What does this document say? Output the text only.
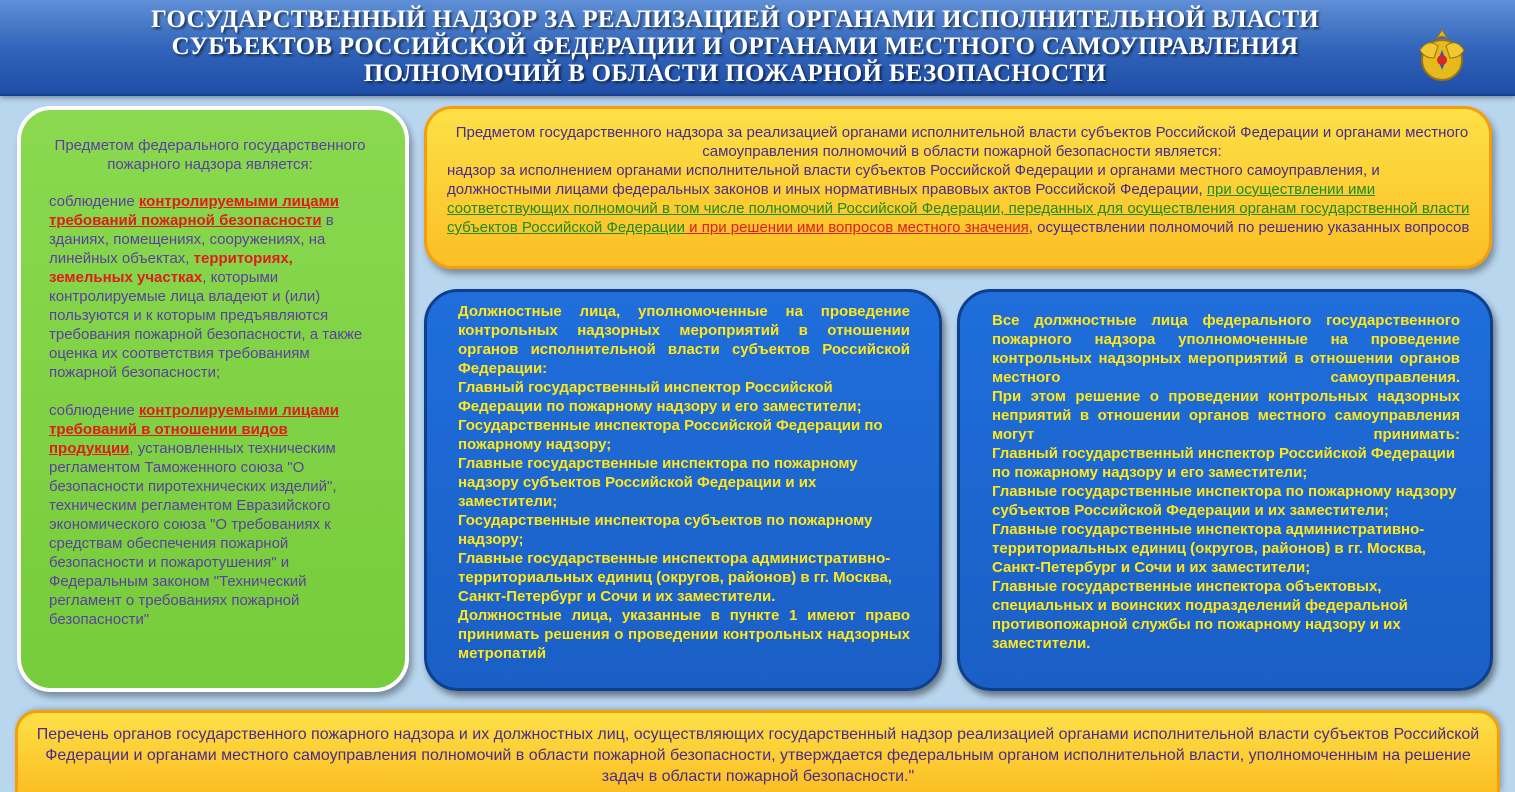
ГОСУДАРСТВЕННЫЙ НАДЗОР ЗА РЕАЛИЗАЦИЕЙ ОРГАНАМИ ИСПОЛНИТЕЛЬНОЙ ВЛАСТИ
СУБЪЕКТОВ РОССИЙСКОЙ ФЕДЕРАЦИИ И ОРГАНАМИ МЕСТНОГО САМОУПРАВЛЕНИЯ
ПОЛНОМОЧИЙ В ОБЛАСТИ ПОЖАРНОЙ БЕЗОПАСНОСТИ
Предметом федерального государственного пожарного надзора является:
соблюдение контролируемыми лицами требований пожарной безопасности в зданиях, помещениях, сооружениях, на линейных объектах, территориях, земельных участках, которыми контролируемые лица владеют и (или) пользуются и к которым предъявляются требования пожарной безопасности, а также оценка их соответствия требованиям пожарной безопасности;
соблюдение контролируемыми лицами требований в отношении видов продукции, установленных техническим регламентом Таможенного союза "О безопасности пиротехнических изделий", техническим регламентом Евразийского экономического союза "О требованиях к средствам обеспечения пожарной безопасности и пожаротушения" и Федеральным законом "Технический регламент о требованиях пожарной безопасности"
Предметом государственного надзора за реализацией органами исполнительной власти субъектов Российской Федерации и органами местного самоуправления полномочий в области пожарной безопасности является:
надзор за исполнением органами исполнительной власти субъектов Российской Федерации и органами местного самоуправления, и должностными лицами федеральных законов и иных нормативных правовых актов Российской Федерации, при осуществлении ими соответствующих полномочий в том числе полномочий Российской Федерации, переданных для осуществления органам государственной власти субъектов Российской Федерации и при решении ими вопросов местного значения, осуществлении полномочий по решению указанных вопросов
Должностные лица, уполномоченные на проведение контрольных надзорных мероприятий в отношении органов исполнительной власти субъектов Российской Федерации:
Главный государственный инспектор Российской Федерации по пожарному надзору и его заместители;
Государственные инспектора Российской Федерации по пожарному надзору;
Главные государственные инспектора по пожарному надзору субъектов Российской Федерации и их заместители;
Государственные инспектора субъектов по пожарному надзору;
Главные государственные инспектора административно-территориальных единиц (округов, районов) в гг. Москва, Санкт-Петербург и Сочи и их заместители.
Должностные лица, указанные в пункте 1 имеют право принимать решения о проведении контрольных надзорных метропатий
Все должностные лица федерального государственного пожарного надзора уполномоченные на проведение контрольных надзорных мероприятий в отношении органов местного самоуправления.
При этом решение о проведении контрольных надзорных неприятий в отношении органов местного самоуправления могут принимать:
Главный государственный инспектор Российской Федерации по пожарному надзору и его заместители;
Главные государственные инспектора по пожарному надзору субъектов Российской Федерации и их заместители;
Главные государственные инспектора административно-территориальных единиц (округов, районов) в гг. Москва, Санкт-Петербург и Сочи и их заместители;
Главные государственные инспектора объектовых, специальных и воинских подразделений федеральной противопожарной службы по пожарному надзору и их заместители.
Перечень органов государственного пожарного надзора и их должностных лиц, осуществляющих государственный надзор реализацией органами исполнительной власти субъектов Российской Федерации и органами местного самоуправления полномочий в области пожарной безопасности, утверждается федеральным органом исполнительной власти, уполномоченным на решение задач в области пожарной безопасности."
